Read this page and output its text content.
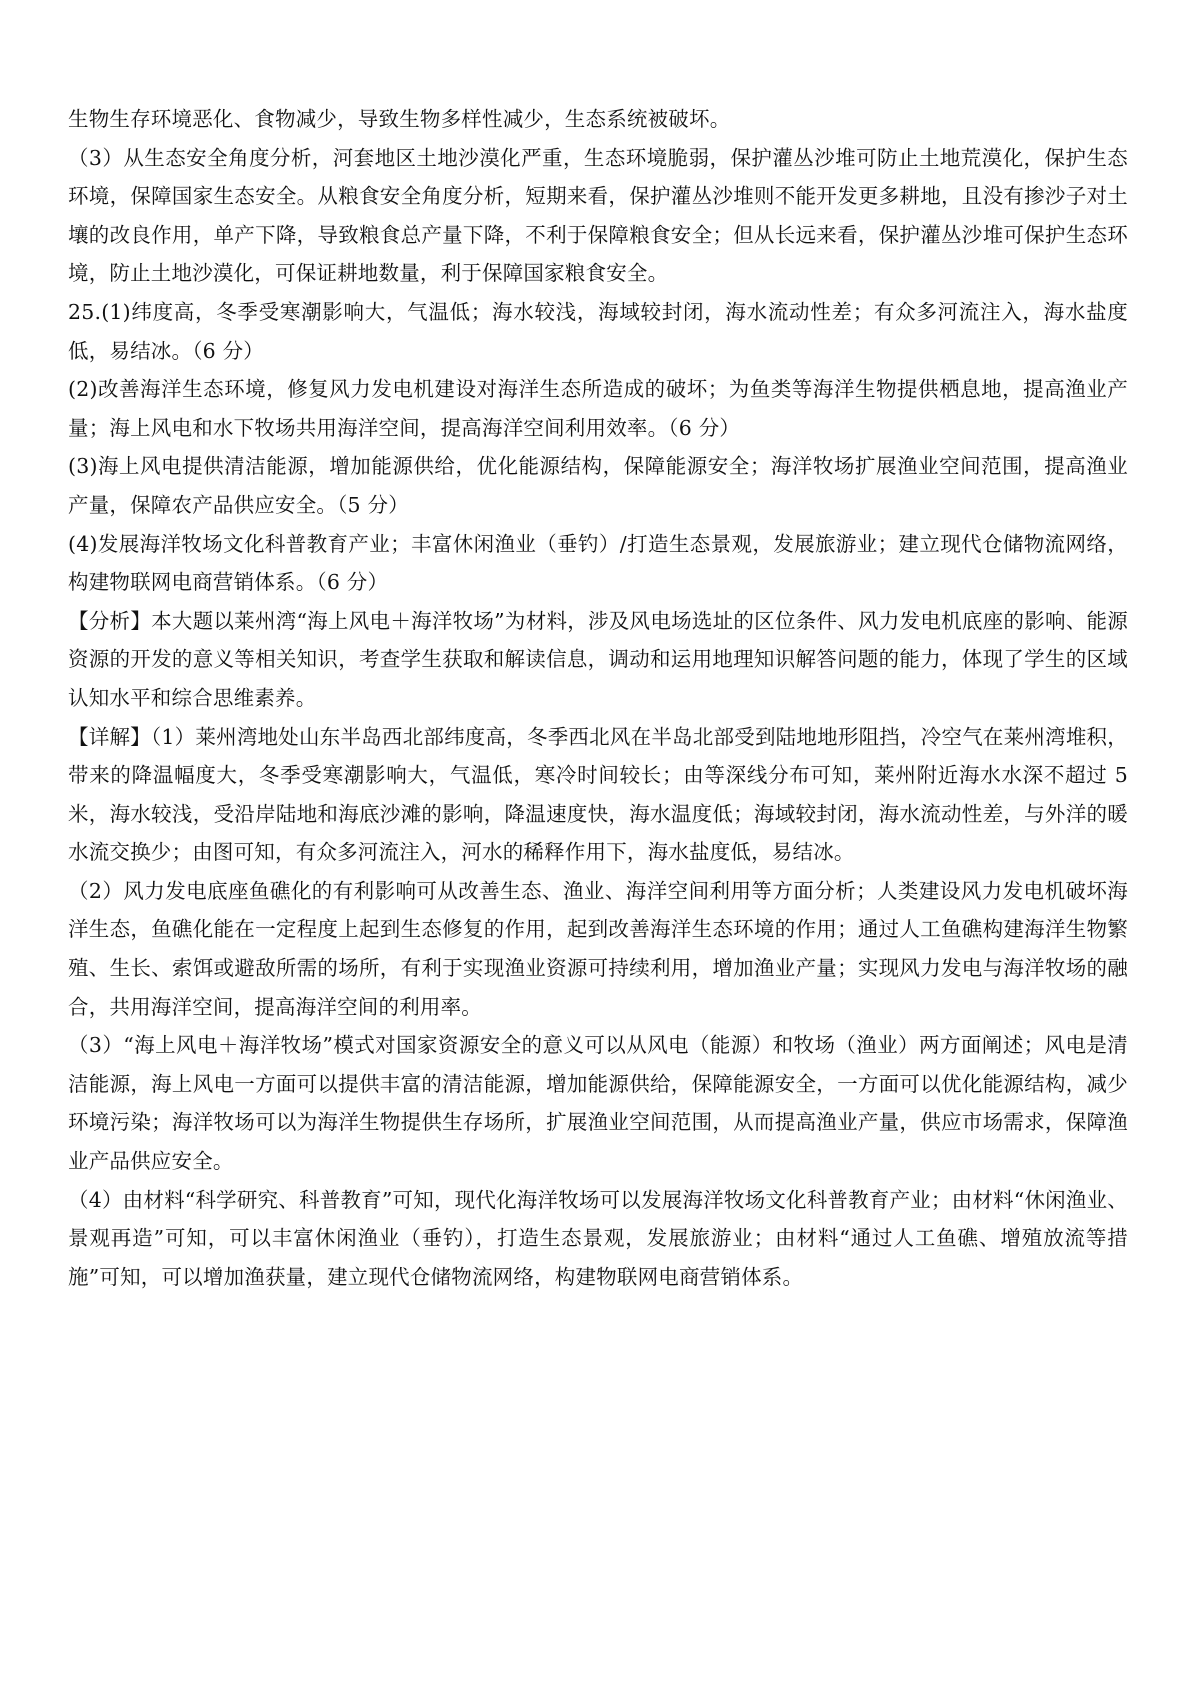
生物生存环境恶化、食物减少，导致生物多样性减少，生态系统被破坏。

（3）从生态安全角度分析，河套地区土地沙漠化严重，生态环境脆弱，保护灌丛沙堆可防止土地荒漠化，保护生态环境，保障国家生态安全。从粮食安全角度分析，短期来看，保护灌丛沙堆则不能开发更多耕地，且没有掺沙子对土壤的改良作用，单产下降，导致粮食总产量下降，不利于保障粮食安全；但从长远来看，保护灌丛沙堆可保护生态环境，防止土地沙漠化，可保证耕地数量，利于保障国家粮食安全。

25.(1)纬度高，冬季受寒潮影响大，气温低；海水较浅，海域较封闭，海水流动性差；有众多河流注入，海水盐度低，易结冰。（6 分）

(2)改善海洋生态环境，修复风力发电机建设对海洋生态所造成的破坏；为鱼类等海洋生物提供栖息地，提高渔业产量；海上风电和水下牧场共用海洋空间，提高海洋空间利用效率。（6 分）

(3)海上风电提供清洁能源，增加能源供给，优化能源结构，保障能源安全；海洋牧场扩展渔业空间范围，提高渔业产量，保障农产品供应安全。（5 分）

(4)发展海洋牧场文化科普教育产业；丰富休闲渔业（垂钓）/打造生态景观，发展旅游业；建立现代仓储物流网络，构建物联网电商营销体系。（6 分）

【分析】本大题以莱州湾“海上风电＋海洋牧场”为材料，涉及风电场选址的区位条件、风力发电机底座的影响、能源资源的开发的意义等相关知识，考查学生获取和解读信息，调动和运用地理知识解答问题的能力，体现了学生的区域认知水平和综合思维素养。

【详解】（1）莱州湾地处山东半岛西北部纬度高，冬季西北风在半岛北部受到陆地地形阻挡，冷空气在莱州湾堆积，带来的降温幅度大，冬季受寒潮影响大，气温低，寒冷时间较长；由等深线分布可知，莱州附近海水水深不超过 5 米，海水较浅，受沿岸陆地和海底沙滩的影响，降温速度快，海水温度低；海域较封闭，海水流动性差，与外洋的暖水流交换少；由图可知，有众多河流注入，河水的稀释作用下，海水盐度低，易结冰。

（2）风力发电底座鱼礁化的有利影响可从改善生态、渔业、海洋空间利用等方面分析；人类建设风力发电机破坏海洋生态，鱼礁化能在一定程度上起到生态修复的作用，起到改善海洋生态环境的作用；通过人工鱼礁构建海洋生物繁殖、生长、索饵或避敌所需的场所，有利于实现渔业资源可持续利用，增加渔业产量；实现风力发电与海洋牧场的融合，共用海洋空间，提高海洋空间的利用率。

（3）“海上风电＋海洋牧场”模式对国家资源安全的意义可以从风电（能源）和牧场（渔业）两方面阐述；风电是清洁能源，海上风电一方面可以提供丰富的清洁能源，增加能源供给，保障能源安全，一方面可以优化能源结构，减少环境污染；海洋牧场可以为海洋生物提供生存场所，扩展渔业空间范围，从而提高渔业产量，供应市场需求，保障渔业产品供应安全。

（4）由材料“科学研究、科普教育”可知，现代化海洋牧场可以发展海洋牧场文化科普教育产业；由材料“休闲渔业、景观再造”可知，可以丰富休闲渔业（垂钓），打造生态景观，发展旅游业；由材料“通过人工鱼礁、增殖放流等措施”可知，可以增加渔获量，建立现代仓储物流网络，构建物联网电商营销体系。
